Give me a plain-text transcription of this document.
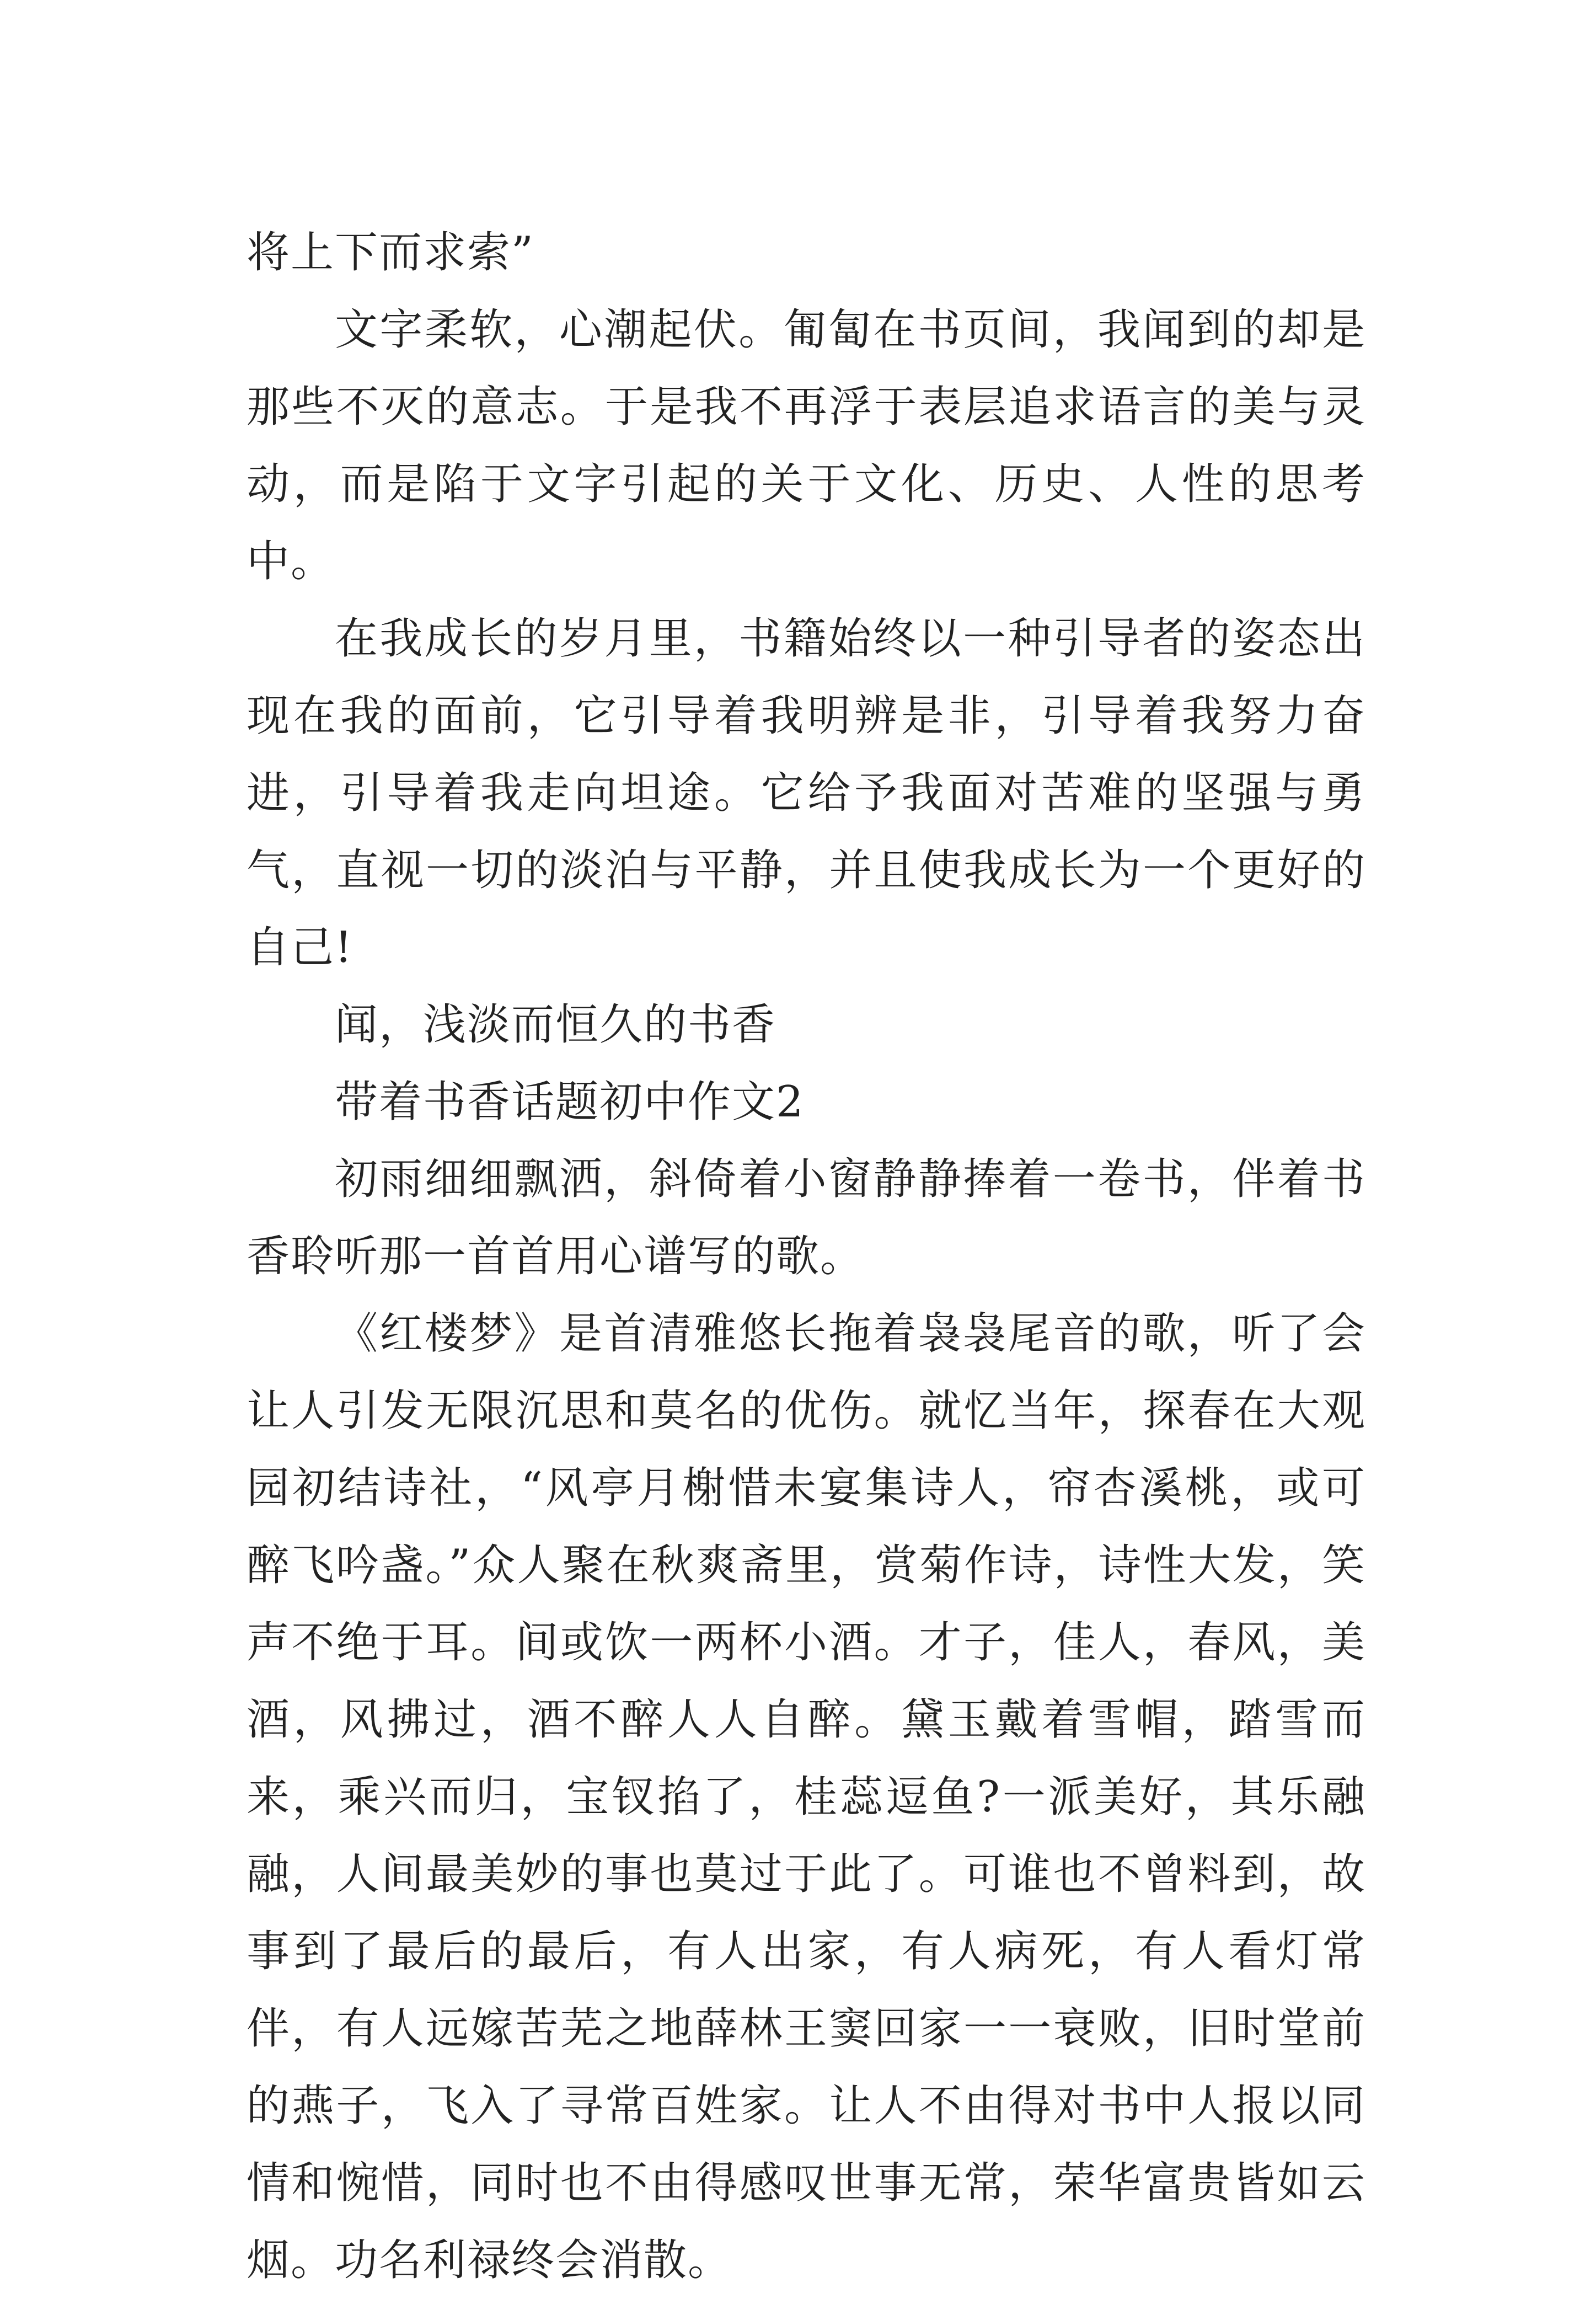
将上下而求索”

文字柔软，心潮起伏。匍匐在书页间，我闻到的却是那些不灭的意志。于是我不再浮于表层追求语言的美与灵动，而是陷于文字引起的关于文化、历史、人性的思考中。

在我成长的岁月里，书籍始终以一种引导者的姿态出现在我的面前，它引导着我明辨是非，引导着我努力奋进，引导着我走向坦途。它给予我面对苦难的坚强与勇气，直视一切的淡泊与平静，并且使我成长为一个更好的自己!

闻，浅淡而恒久的书香

带着书香话题初中作文2

初雨细细飘洒，斜倚着小窗静静捧着一卷书，伴着书香聆听那一首首用心谱写的歌。

《红楼梦》是首清雅悠长拖着袅袅尾音的歌，听了会让人引发无限沉思和莫名的优伤。就忆当年，探春在大观园初结诗社，“风亭月榭惜未宴集诗人，帘杏溪桃，或可醉飞吟盏。”众人聚在秋爽斋里，赏菊作诗，诗性大发，笑声不绝于耳。间或饮一两杯小酒。才子，佳人，春风，美酒，风拂过，酒不醉人人自醉。黛玉戴着雪帽，踏雪而来，乘兴而归，宝钗掐了，桂蕊逗鱼?一派美好，其乐融融，人间最美妙的事也莫过于此了。可谁也不曾料到，故事到了最后的最后，有人出家，有人病死，有人看灯常伴，有人远嫁苦芜之地薛林王窦回家一一衰败，旧时堂前的燕子，飞入了寻常百姓家。让人不由得对书中人报以同情和惋惜，同时也不由得感叹世事无常，荣华富贵皆如云烟。功名利禄终会消散。
